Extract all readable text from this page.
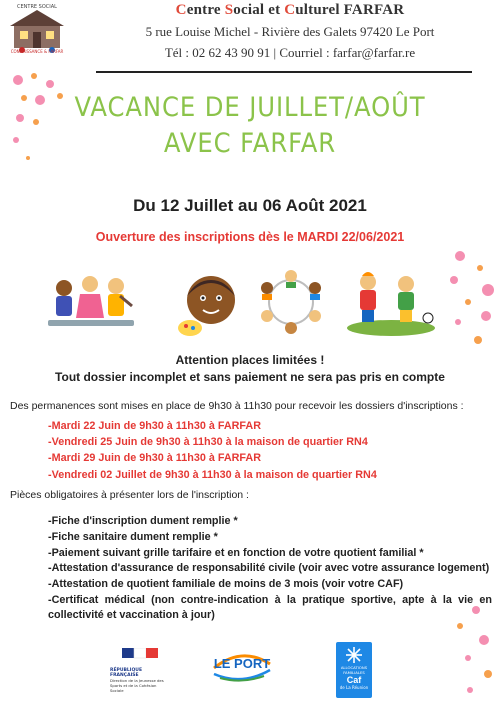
CENTRE SOCIAL
CONNAISSANCE & FARFAR
Centre Social et Culturel FARFAR
5 rue Louise Michel - Rivière des Galets 97420 Le Port
Tél : 02 62 43 90 91 | Courriel : farfar@farfar.re
VACANCE DE JUILLET/AOÛT
AVEC FARFAR
Du 12 Juillet au 06 Août 2021
Ouverture des inscriptions dès le MARDI 22/06/2021
Attention places limitées !
Tout dossier incomplet et sans paiement ne sera pas pris en compte
Des permanences sont mises en place de 9h30 à 11h30 pour recevoir les dossiers d'inscriptions :
-Mardi 22 Juin de 9h30 à 11h30 à FARFAR
-Vendredi 25 Juin de 9h30 à 11h30 à la maison de quartier RN4
-Mardi 29 Juin de 9h30 à 11h30 à FARFAR
-Vendredi 02 Juillet de 9h30 à 11h30 à la maison de quartier RN4
Pièces obligatoires à présenter lors de l'inscription :
-Fiche d'inscription dument remplie *
-Fiche sanitaire dument remplie *
-Paiement suivant grille tarifaire et en fonction de votre quotient familial *
-Attestation d'assurance de responsabilité civile (voir avec votre assurance logement)
-Attestation de quotient familiale de moins de 3 mois (voir votre CAF)
-Certificat médical (non contre-indication à la pratique sportive, apte à la vie en collectivité et vaccination à jour)
RÉPUBLIQUE FRANÇAISE
Direction de la Jeunesse des Sports et de la Cohésion Sociale
LE PORT	ALLOCATIONS FAMILIALES
Caf
de La Réunion
